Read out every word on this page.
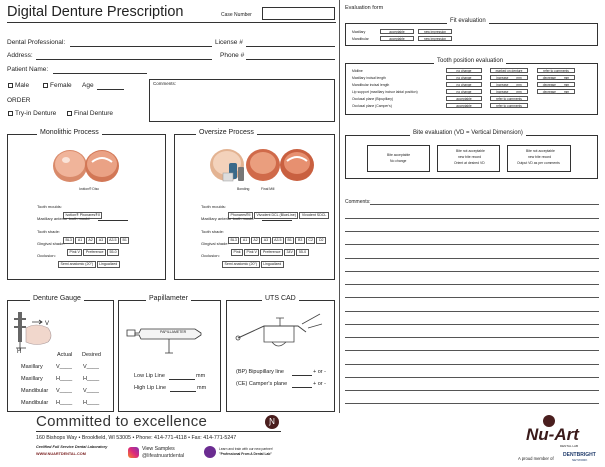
Digital Denture Prescription	Case Number
Evaluation form
Dental Professional:	License #
Address:	Phone #
Patient Name:
Male	Female Age
ORDER
Try-in Denture	Final Denture
Comments:
Monolithic Process
Ivotion® Disc
Tooth moulds:
Ivotion® Phonares®II
Maxillary anterior tooth mould
Tooth shade:
BL3 A1 A2 A3 A3.5 B1
Gingival shade:
Pink V Preference 55-0
Occlusion:
Semi anatomic (20°) Lingualized
Oversize Process
Bonding	Final Mill
Tooth moulds:
Phonares®II Vivodent DCL (BlueLine) Vivodent SDCL
Maxillary anterior tooth mould
Tooth shade:
BL3 A1 A2 A3 A3.5 B1 B3 C2 D2
Gingival shade:
Pink Pink V Preference 34V 55-0
Occlusion:
Semi anatomic (20°) Lingualized
Denture Gauge
V
H	Actual Desired
Maxillary V____ V____
Maxillary H____ H____
Mandibular V____ V____
Mandibular H____ H____
Papillameter
PAPILLAMETER
Low Lip Line	mm
High Lip Line	mm
UTS CAD
(BP) Bipupillary line	+ or -
(CE) Camper's plane	+ or -
Committed to excellence	Ɲ
160 Bishops Way • Brookfield, WI 53005 • Phone: 414-771-4118 • Fax: 414-771-5247
Certified Full Service Dental Laboratory
WWW.NUARTDENTAL.COM
View Samples
@lifeatnuartdental
Learn and train with our new partner!
"Professional From A Dental Lab"
Nu-Art
DENTAL LAB
A proud member of
DENTBRIGHT
NETWORK
Fit evaluation
Maxillary	acceptable	new impression
Mandibular	acceptable	new impression
Tooth position evaluation
Midline	no change	marked on denture	refer to comments
Maxillary incisal length	no change	increase ____mm	decrease ____mm
Mandibular incisal length	no change	increase ____mm	decrease ____mm
Lip support (maxillary incisor labial position)	no change	increase ____mm	decrease ____mm
Occlusal plane (Bipupillary)	acceptable	refer to comments
Occlusal plane (Camper's)	acceptable	refer to comments
Bite evaluation (VD = Vertical Dimension)
Bite acceptable
No change
Bite not acceptable
new bite record
Orient at desired VD
Bite not acceptable
new bite record
Output VD as per comments
Comments:
